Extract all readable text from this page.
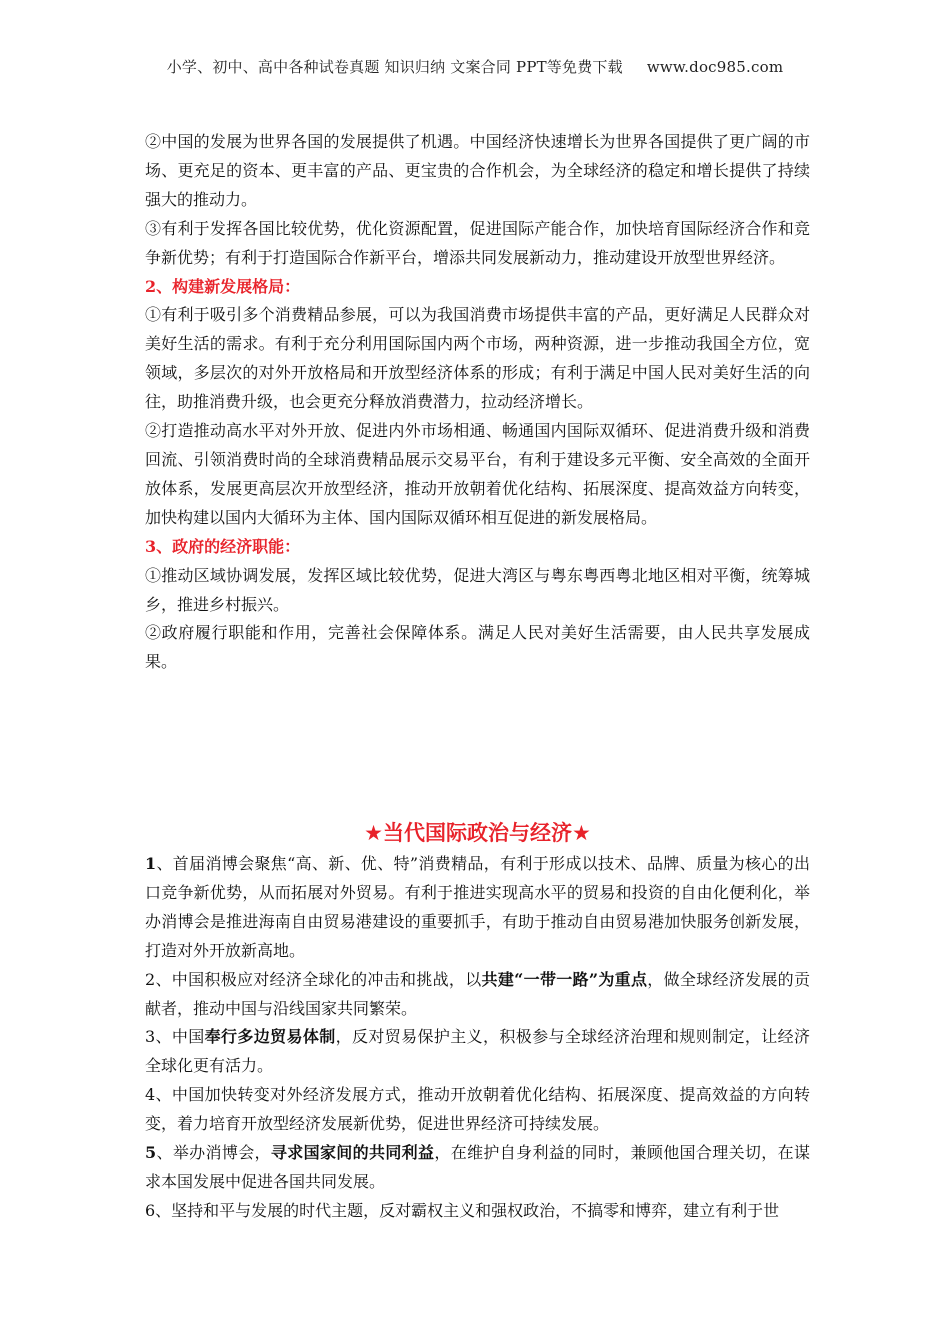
小学、初中、高中各种试卷真题 知识归纳 文案合同 PPT等免费下载 www.doc985.com

②中国的发展为世界各国的发展提供了机遇。中国经济快速增长为世界各国提供了更广阔的市场、更充足的资本、更丰富的产品、更宝贵的合作机会，为全球经济的稳定和增长提供了持续强大的推动力。

③有利于发挥各国比较优势，优化资源配置，促进国际产能合作，加快培育国际经济合作和竞争新优势；有利于打造国际合作新平台，增添共同发展新动力，推动建设开放型世界经济。

2、构建新发展格局：

①有利于吸引多个消费精品参展，可以为我国消费市场提供丰富的产品，更好满足人民群众对美好生活的需求。有利于充分利用国际国内两个市场，两种资源，进一步推动我国全方位，宽领域，多层次的对外开放格局和开放型经济体系的形成；有利于满足中国人民对美好生活的向往，助推消费升级，也会更充分释放消费潜力，拉动经济增长。

②打造推动高水平对外开放、促进内外市场相通、畅通国内国际双循环、促进消费升级和消费回流、引领消费时尚的全球消费精品展示交易平台，有利于建设多元平衡、安全高效的全面开放体系，发展更高层次开放型经济，推动开放朝着优化结构、拓展深度、提高效益方向转变，加快构建以国内大循环为主体、国内国际双循环相互促进的新发展格局。

3、政府的经济职能：

①推动区域协调发展，发挥区域比较优势，促进大湾区与粤东粤西粤北地区相对平衡，统筹城乡，推进乡村振兴。

②政府履行职能和作用，完善社会保障体系。满足人民对美好生活需要，由人民共享发展成果。

★当代国际政治与经济★

1、首届消博会聚焦“高、新、优、特”消费精品，有利于形成以技术、品牌、质量为核心的出口竞争新优势，从而拓展对外贸易。有利于推进实现高水平的贸易和投资的自由化便利化，举办消博会是推进海南自由贸易港建设的重要抓手，有助于推动自由贸易港加快服务创新发展，打造对外开放新高地。

2、中国积极应对经济全球化的冲击和挑战，以共建“一带一路”为重点，做全球经济发展的贡献者，推动中国与沿线国家共同繁荣。

3、中国奉行多边贸易体制，反对贸易保护主义，积极参与全球经济治理和规则制定，让经济全球化更有活力。

4、中国加快转变对外经济发展方式，推动开放朝着优化结构、拓展深度、提高效益的方向转变，着力培育开放型经济发展新优势，促进世界经济可持续发展。

5、举办消博会，寻求国家间的共同利益，在维护自身利益的同时，兼顾他国合理关切，在谋求本国发展中促进各国共同发展。

6、坚持和平与发展的时代主题，反对霸权主义和强权政治，不搞零和博弈，建立有利于世
